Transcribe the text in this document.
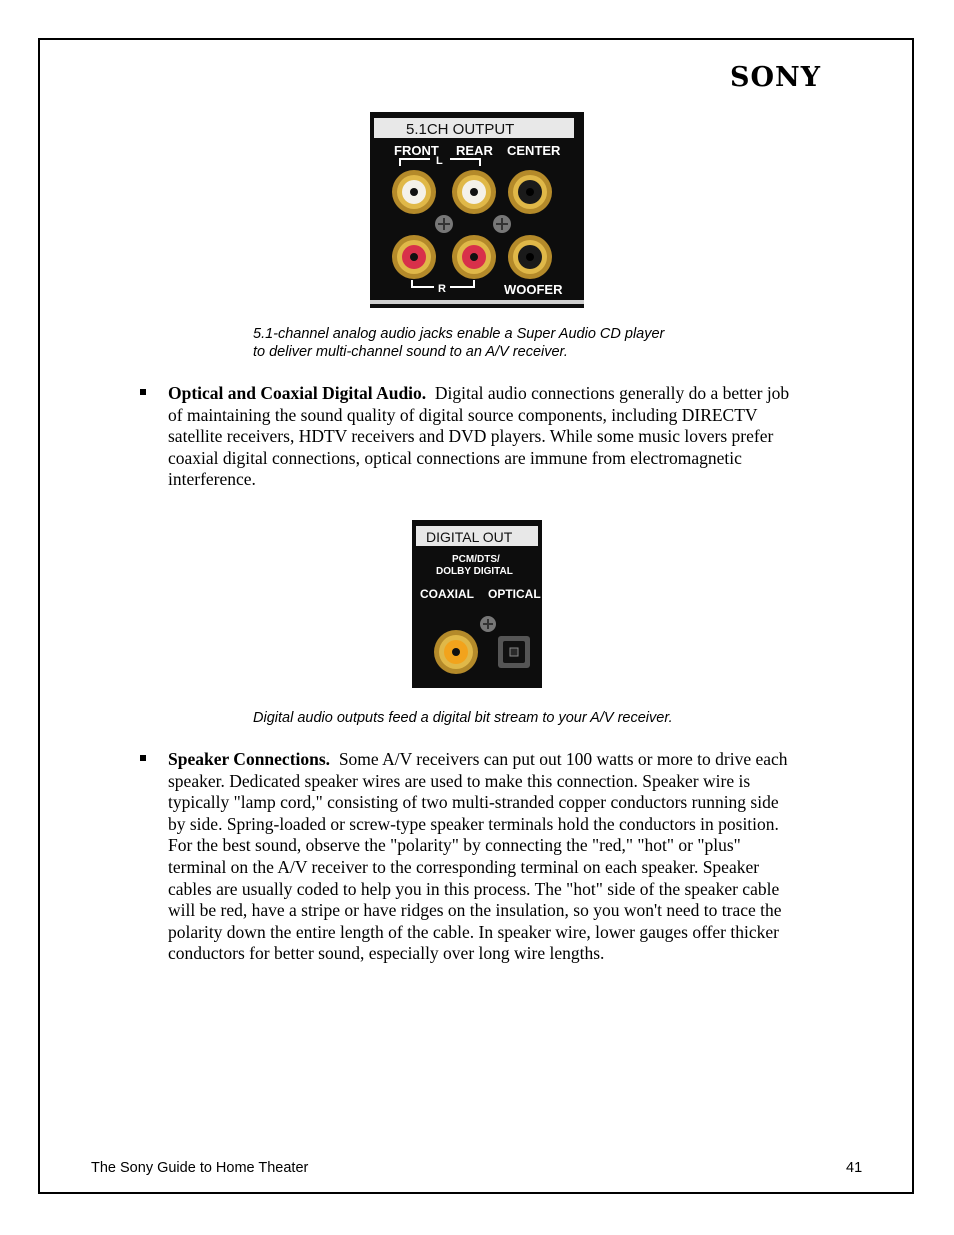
SONY
5.1CH OUTPUT
FRONT REAR CENTER
L
R	WOOFER
5.1-channel analog audio jacks enable a Super Audio CD player
to deliver multi-channel sound to an A/V receiver.
Optical and Coaxial Digital Audio. Digital audio connections generally do a better job of maintaining the sound quality of digital source components, including DIRECTV satellite receivers, HDTV receivers and DVD players. While some music lovers prefer coaxial digital connections, optical connections are immune from electromagnetic interference.
DIGITAL OUT
PCM/DTS/
DOLBY DIGITAL
COAXIAL OPTICAL
Digital audio outputs feed a digital bit stream to your A/V receiver.
Speaker Connections. Some A/V receivers can put out 100 watts or more to drive each speaker. Dedicated speaker wires are used to make this connection. Speaker wire is typically "lamp cord," consisting of two multi-stranded copper conductors running side by side. Spring-loaded or screw-type speaker terminals hold the conductors in position. For the best sound, observe the "polarity" by connecting the "red," "hot" or "plus" terminal on the A/V receiver to the corresponding terminal on each speaker. Speaker cables are usually coded to help you in this process. The "hot" side of the speaker cable will be red, have a stripe or have ridges on the insulation, so you won't need to trace the polarity down the entire length of the cable. In speaker wire, lower gauges offer thicker conductors for better sound, especially over long wire lengths.
The Sony Guide to Home Theater	41
